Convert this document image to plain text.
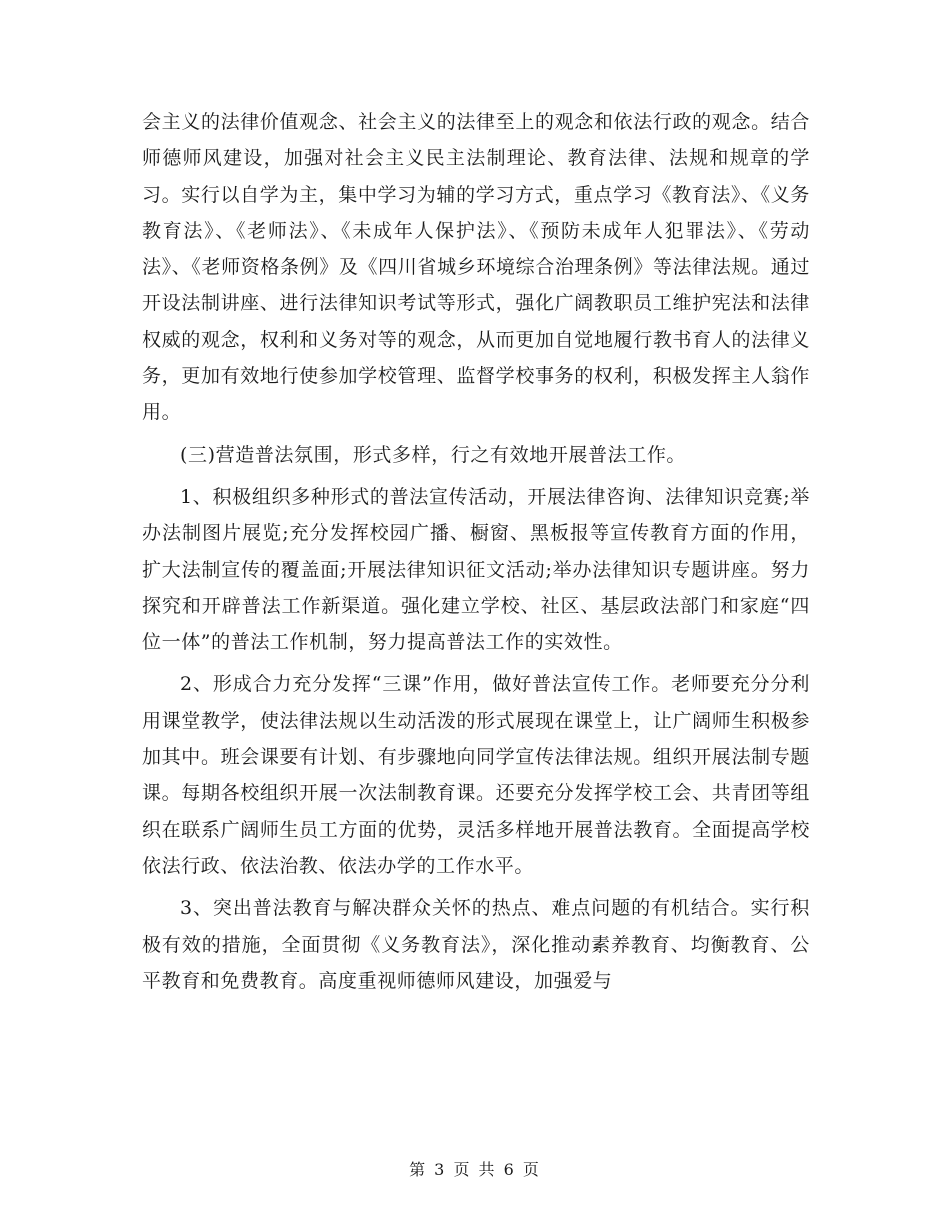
会主义的法律价值观念、社会主义的法律至上的观念和依法行政的观念。结合师德师风建设，加强对社会主义民主法制理论、教育法律、法规和规章的学习。实行以自学为主，集中学习为辅的学习方式，重点学习《教育法》、《义务教育法》、《老师法》、《未成年人保护法》、《预防未成年人犯罪法》、《劳动法》、《老师资格条例》及《四川省城乡环境综合治理条例》等法律法规。通过开设法制讲座、进行法律知识考试等形式，强化广阔教职员工维护宪法和法律权威的观念，权利和义务对等的观念，从而更加自觉地履行教书育人的法律义务，更加有效地行使参加学校管理、监督学校事务的权利，积极发挥主人翁作用。

(三)营造普法氛围，形式多样，行之有效地开展普法工作。

1、积极组织多种形式的普法宣传活动，开展法律咨询、法律知识竞赛;举办法制图片展览;充分发挥校园广播、橱窗、黑板报等宣传教育方面的作用，扩大法制宣传的覆盖面;开展法律知识征文活动;举办法律知识专题讲座。努力探究和开辟普法工作新渠道。强化建立学校、社区、基层政法部门和家庭“四位一体”的普法工作机制，努力提高普法工作的实效性。

2、形成合力充分发挥“三课”作用，做好普法宣传工作。老师要充分分利用课堂教学，使法律法规以生动活泼的形式展现在课堂上，让广阔师生积极参加其中。班会课要有计划、有步骤地向同学宣传法律法规。组织开展法制专题课。每期各校组织开展一次法制教育课。还要充分发挥学校工会、共青团等组织在联系广阔师生员工方面的优势，灵活多样地开展普法教育。全面提高学校依法行政、依法治教、依法办学的工作水平。

3、突出普法教育与解决群众关怀的热点、难点问题的有机结合。实行积极有效的措施，全面贯彻《义务教育法》，深化推动素养教育、均衡教育、公平教育和免费教育。高度重视师德师风建设，加强爱与

第 3 页 共 6 页
